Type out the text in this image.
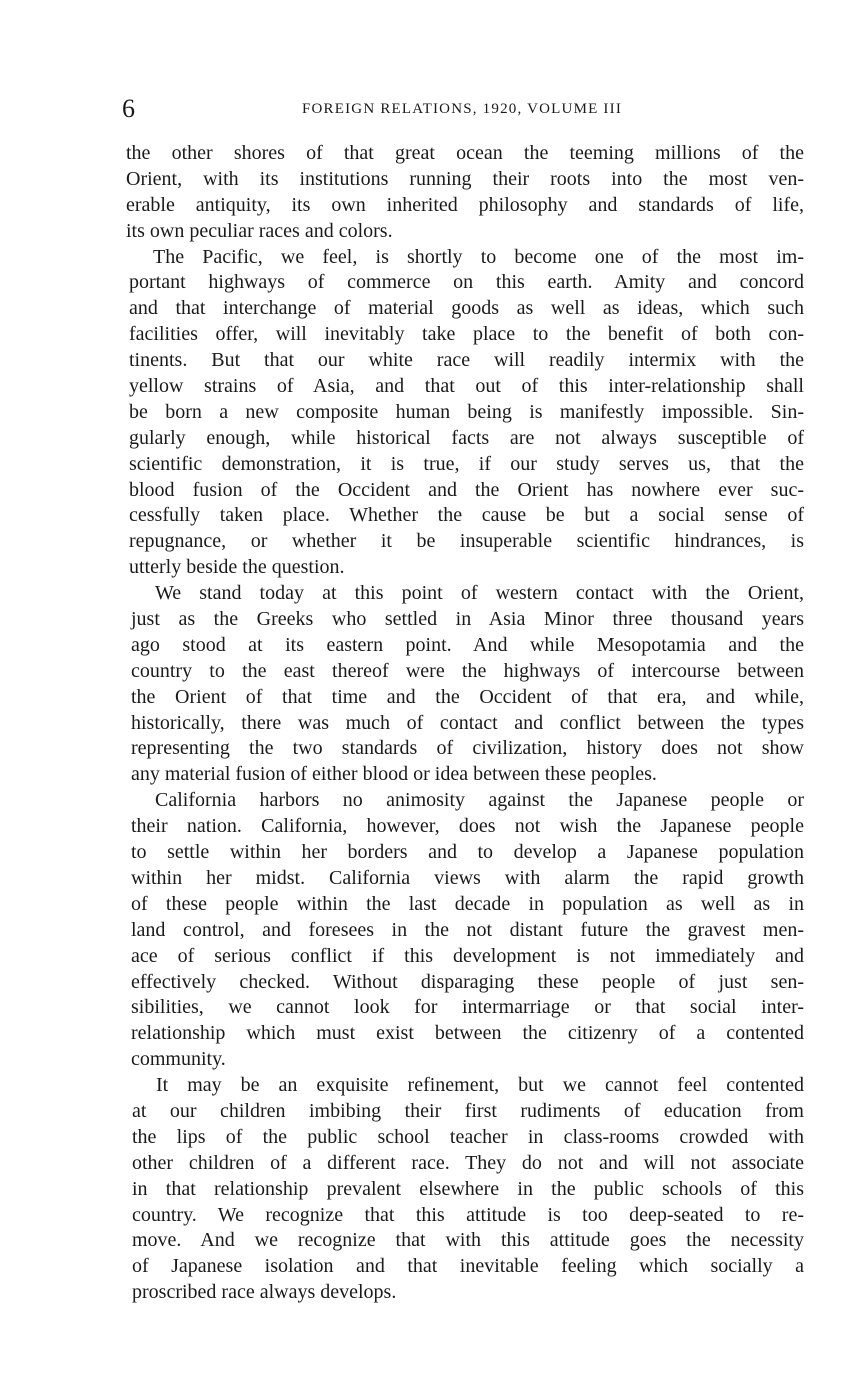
6	FOREIGN RELATIONS, 1920, VOLUME III
the other shores of that great ocean the teeming millions of the
Orient, with its institutions running their roots into the most ven-
erable antiquity, its own inherited philosophy and standards of life,
its own peculiar races and colors.
The Pacific, we feel, is shortly to become one of the most im-
portant highways of commerce on this earth. Amity and concord
and that interchange of material goods as well as ideas, which such
facilities offer, will inevitably take place to the benefit of both con-
tinents. But that our white race will readily intermix with the
yellow strains of Asia, and that out of this inter-relationship shall
be born a new composite human being is manifestly impossible. Sin-
gularly enough, while historical facts are not always susceptible of
scientific demonstration, it is true, if our study serves us, that the
blood fusion of the Occident and the Orient has nowhere ever suc-
cessfully taken place. Whether the cause be but a social sense of
repugnance, or whether it be insuperable scientific hindrances, is
utterly beside the question.
We stand today at this point of western contact with the Orient,
just as the Greeks who settled in Asia Minor three thousand years
ago stood at its eastern point. And while Mesopotamia and the
country to the east thereof were the highways of intercourse between
the Orient of that time and the Occident of that era, and while,
historically, there was much of contact and conflict between the types
representing the two standards of civilization, history does not show
any material fusion of either blood or idea between these peoples.
California harbors no animosity against the Japanese people or
their nation. California, however, does not wish the Japanese people
to settle within her borders and to develop a Japanese population
within her midst. California views with alarm the rapid growth
of these people within the last decade in population as well as in
land control, and foresees in the not distant future the gravest men-
ace of serious conflict if this development is not immediately and
effectively checked. Without disparaging these people of just sen-
sibilities, we cannot look for intermarriage or that social inter-
relationship which must exist between the citizenry of a contented
community.
It may be an exquisite refinement, but we cannot feel contented
at our children imbibing their first rudiments of education from
the lips of the public school teacher in class-rooms crowded with
other children of a different race. They do not and will not associate
in that relationship prevalent elsewhere in the public schools of this
country. We recognize that this attitude is too deep-seated to re-
move. And we recognize that with this attitude goes the necessity
of Japanese isolation and that inevitable feeling which socially a
proscribed race always develops.
